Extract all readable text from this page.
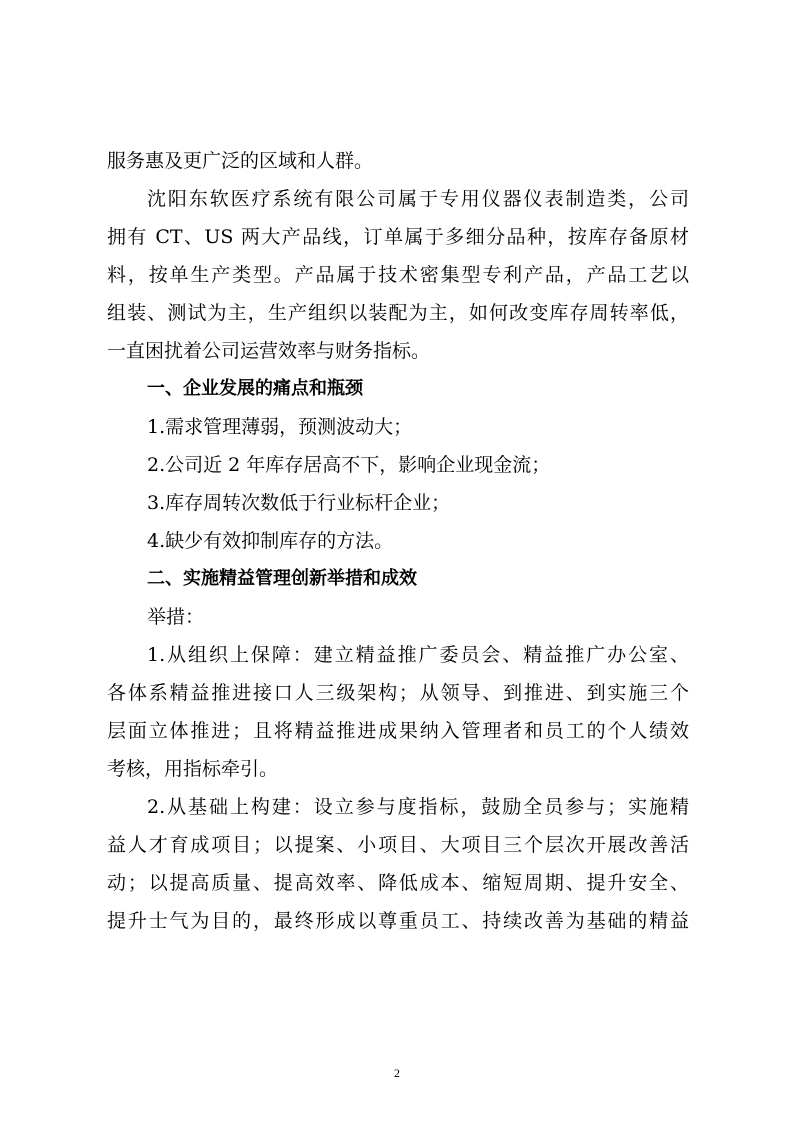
服务惠及更广泛的区域和人群。
沈阳东软医疗系统有限公司属于专用仪器仪表制造类，公司
拥有 CT、US 两大产品线，订单属于多细分品种，按库存备原材
料，按单生产类型。产品属于技术密集型专利产品，产品工艺以
组装、测试为主，生产组织以装配为主，如何改变库存周转率低，
一直困扰着公司运营效率与财务指标。
一、企业发展的痛点和瓶颈
1.需求管理薄弱，预测波动大；
2.公司近 2 年库存居高不下，影响企业现金流；
3.库存周转次数低于行业标杆企业；
4.缺少有效抑制库存的方法。
二、实施精益管理创新举措和成效
举措：
1.从组织上保障：建立精益推广委员会、精益推广办公室、
各体系精益推进接口人三级架构；从领导、到推进、到实施三个
层面立体推进；且将精益推进成果纳入管理者和员工的个人绩效
考核，用指标牵引。
2.从基础上构建：设立参与度指标，鼓励全员参与；实施精
益人才育成项目；以提案、小项目、大项目三个层次开展改善活
动；以提高质量、提高效率、降低成本、缩短周期、提升安全、
提升士气为目的，最终形成以尊重员工、持续改善为基础的精益
2
